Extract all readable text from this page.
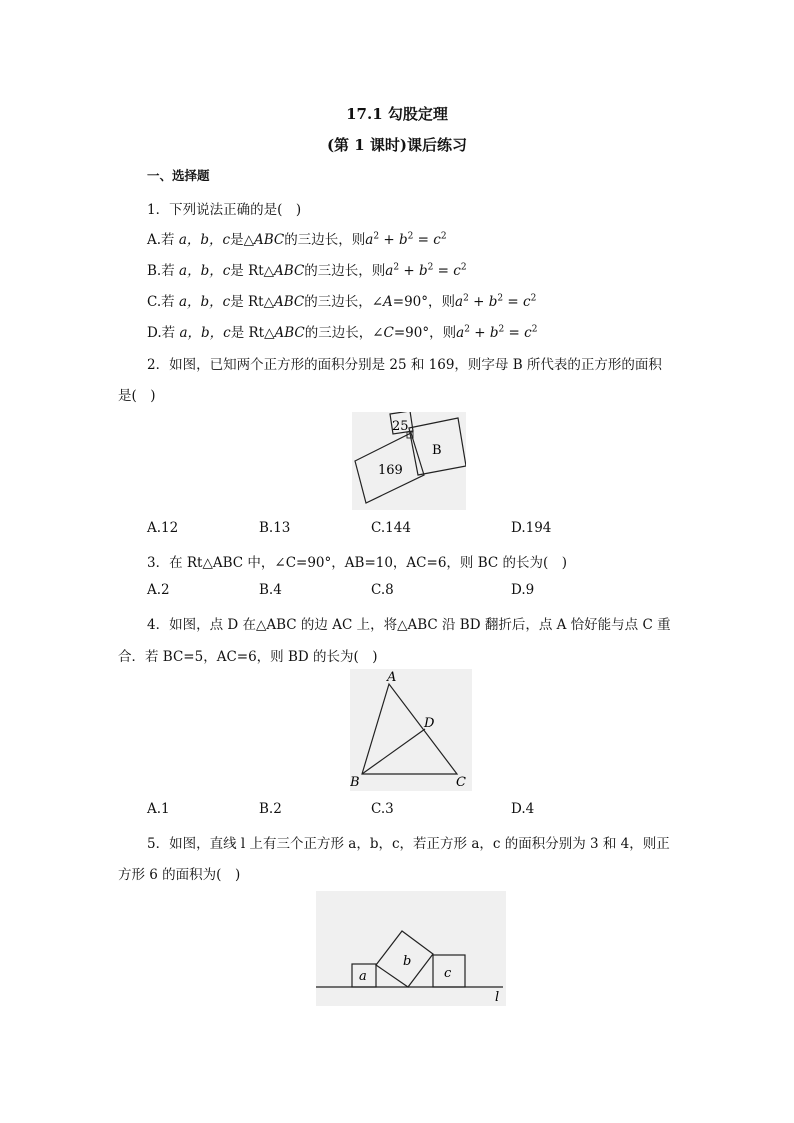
17.1 勾股定理
(第 1 课时)课后练习
一、选择题
1．下列说法正确的是(　)
A.若 a，b，c是△ABC的三边长，则$a^2 + b^2 = c^2$
B.若 a，b，c是 Rt△ABC的三边长，则$a^2 + b^2 = c^2$
C.若 a，b，c是 Rt△ABC的三边长，∠A=90°，则$a^2 + b^2 = c^2$
D.若 a，b，c是 Rt△ABC的三边长，∠C=90°，则$a^2 + b^2 = c^2$
2．如图，已知两个正方形的面积分别是 25 和 169，则字母 B 所代表的正方形的面积
是(　)
25
169
B
A.12	B.13	C.144	D.194
3．在 Rt△ABC 中，∠C=90°，AB=10，AC=6，则 BC 的长为(　)
A.2	B.4	C.8	D.9
4．如图，点 D 在△ABC 的边 AC 上，将△ABC 沿 BD 翻折后，点 A 恰好能与点 C 重
合．若 BC=5，AC=6，则 BD 的长为(　)
A
B	C
D
A.1	B.2	C.3	D.4
5．如图，直线 l 上有三个正方形 a，b，c，若正方形 a，c 的面积分别为 3 和 4，则正
方形 6 的面积为(　)
a
b
c
l
